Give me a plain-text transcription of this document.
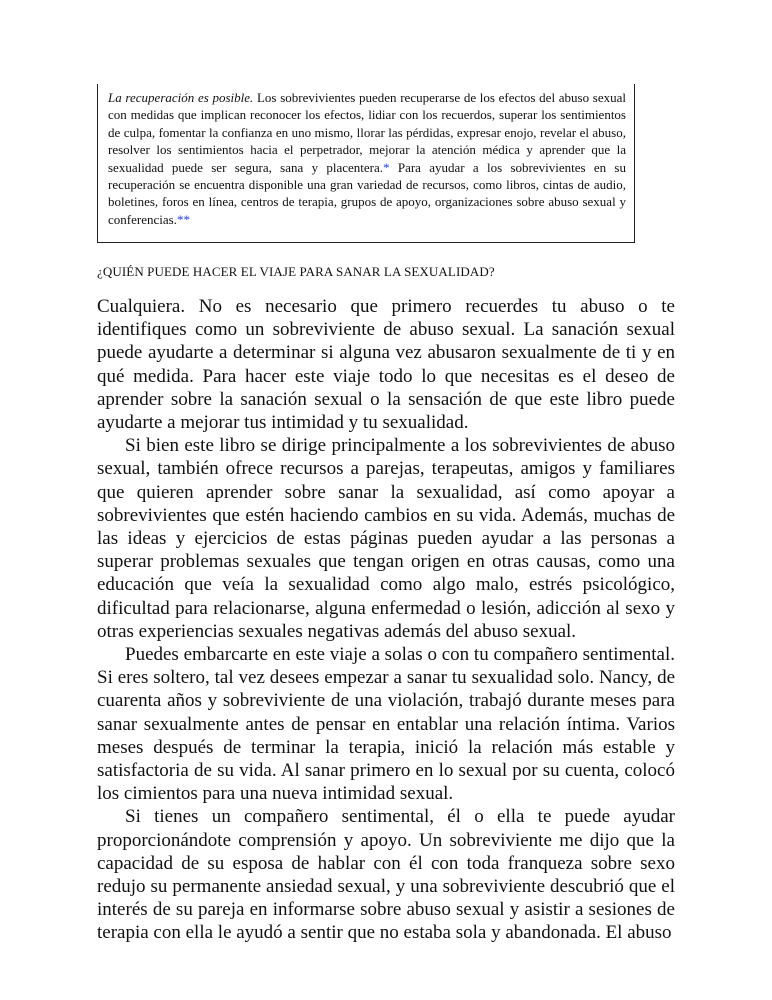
La recuperación es posible. Los sobrevivientes pueden recuperarse de los efectos del abuso sexual con medidas que implican reconocer los efectos, lidiar con los recuerdos, superar los sentimientos de culpa, fomentar la confianza en uno mismo, llorar las pérdidas, expresar enojo, revelar el abuso, resolver los sentimientos hacia el perpetrador, mejorar la atención médica y aprender que la sexualidad puede ser segura, sana y placentera.* Para ayudar a los sobrevivientes en su recuperación se encuentra disponible una gran variedad de recursos, como libros, cintas de audio, boletines, foros en línea, centros de terapia, grupos de apoyo, organizaciones sobre abuso sexual y conferencias.**
¿QUIÉN PUEDE HACER EL VIAJE PARA SANAR LA SEXUALIDAD?

Cualquiera. No es necesario que primero recuerdes tu abuso o te identifiques como un sobreviviente de abuso sexual. La sanación sexual puede ayudarte a determinar si alguna vez abusaron sexualmente de ti y en qué medida. Para hacer este viaje todo lo que necesitas es el deseo de aprender sobre la sanación sexual o la sensación de que este libro puede ayudarte a mejorar tus intimidad y tu sexualidad.

Si bien este libro se dirige principalmente a los sobrevivientes de abuso sexual, también ofrece recursos a parejas, terapeutas, amigos y familiares que quieren aprender sobre sanar la sexualidad, así como apoyar a sobrevivientes que estén haciendo cambios en su vida. Además, muchas de las ideas y ejercicios de estas páginas pueden ayudar a las personas a superar problemas sexuales que tengan origen en otras causas, como una educación que veía la sexualidad como algo malo, estrés psicológico, dificultad para relacionarse, alguna enfermedad o lesión, adicción al sexo y otras experiencias sexuales negativas además del abuso sexual.

Puedes embarcarte en este viaje a solas o con tu compañero sentimental. Si eres soltero, tal vez desees empezar a sanar tu sexualidad solo. Nancy, de cuarenta años y sobreviviente de una violación, trabajó durante meses para sanar sexualmente antes de pensar en entablar una relación íntima. Varios meses después de terminar la terapia, inició la relación más estable y satisfactoria de su vida. Al sanar primero en lo sexual por su cuenta, colocó los cimientos para una nueva intimidad sexual.

Si tienes un compañero sentimental, él o ella te puede ayudar proporcionándote comprensión y apoyo. Un sobreviviente me dijo que la capacidad de su esposa de hablar con él con toda franqueza sobre sexo redujo su permanente ansiedad sexual, y una sobreviviente descubrió que el interés de su pareja en informarse sobre abuso sexual y asistir a sesiones de terapia con ella le ayudó a sentir que no estaba sola y abandonada. El abuso
